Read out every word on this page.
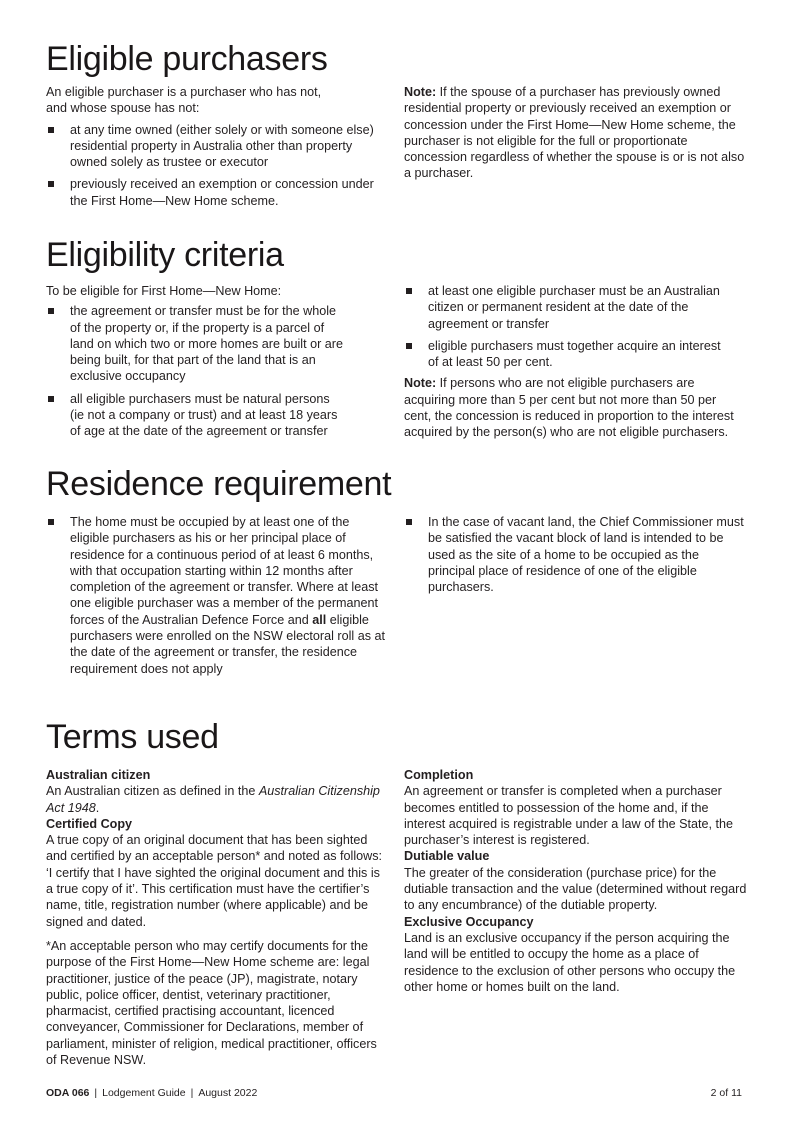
Eligible purchasers

An eligible purchaser is a purchaser who has not,

and whose spouse has not:

at any time owned (either solely or with someone else) residential property in Australia other than property owned solely as trustee or executor
previously received an exemption or concession under the First Home—New Home scheme.

Note: If the spouse of a purchaser has previously owned residential property or previously received an exemption or concession under the First Home—New Home scheme, the purchaser is not eligible for the full or proportionate concession regardless of whether the spouse is or is not also a purchaser.

Eligibility criteria

To be eligible for First Home—New Home:

the agreement or transfer must be for the whole of the property or, if the property is a parcel of land on which two or more homes are built or are being built, for that part of the land that is an exclusive occupancy
all eligible purchasers must be natural persons (ie not a company or trust) and at least 18 years of age at the date of the agreement or transfer
at least one eligible purchaser must be an Australian citizen or permanent resident at the date of the agreement or transfer
eligible purchasers must together acquire an interest of at least 50 per cent.

Note: If persons who are not eligible purchasers are acquiring more than 5 per cent but not more than 50 per cent, the concession is reduced in proportion to the interest acquired by the person(s) who are not eligible purchasers.

Residence requirement
The home must be occupied by at least one of the eligible purchasers as his or her principal place of residence for a continuous period of at least 6 months, with that occupation starting within 12 months after completion of the agreement or transfer. Where at least one eligible purchaser was a member of the permanent forces of the Australian Defence Force and all eligible purchasers were enrolled on the NSW electoral roll as at the date of the agreement or transfer, the residence requirement does not apply
In the case of vacant land, the Chief Commissioner must be satisfied the vacant block of land is intended to be used as the site of a home to be occupied as the principal place of residence of one of the eligible purchasers.
Terms used

Australian citizen

An Australian citizen as defined in the Australian Citizenship Act 1948.

Certified Copy

A true copy of an original document that has been sighted and certified by an acceptable person* and noted as follows: ‘I certify that I have sighted the original document and this is a true copy of it’. This certification must have the certifier’s name, title, registration number (where applicable) and be signed and dated.

*An acceptable person who may certify documents for the purpose of the First Home—New Home scheme are: legal practitioner, justice of the peace (JP), magistrate, notary public, police officer, dentist, veterinary practitioner, pharmacist, certified practising accountant, licenced conveyancer, Commissioner for Declarations, member of parliament, minister of religion, medical practitioner, officers of Revenue NSW.

Completion

An agreement or transfer is completed when a purchaser becomes entitled to possession of the home and, if the interest acquired is registrable under a law of the State, the purchaser’s interest is registered.

Dutiable value

The greater of the consideration (purchase price) for the dutiable transaction and the value (determined without regard to any encumbrance) of the dutiable property.

Exclusive Occupancy

Land is an exclusive occupancy if the person acquiring the land will be entitled to occupy the home as a place of residence to the exclusion of other persons who occupy the other home or homes built on the land.

ODA 066 | Lodgement Guide | August 2022	2 of 11
